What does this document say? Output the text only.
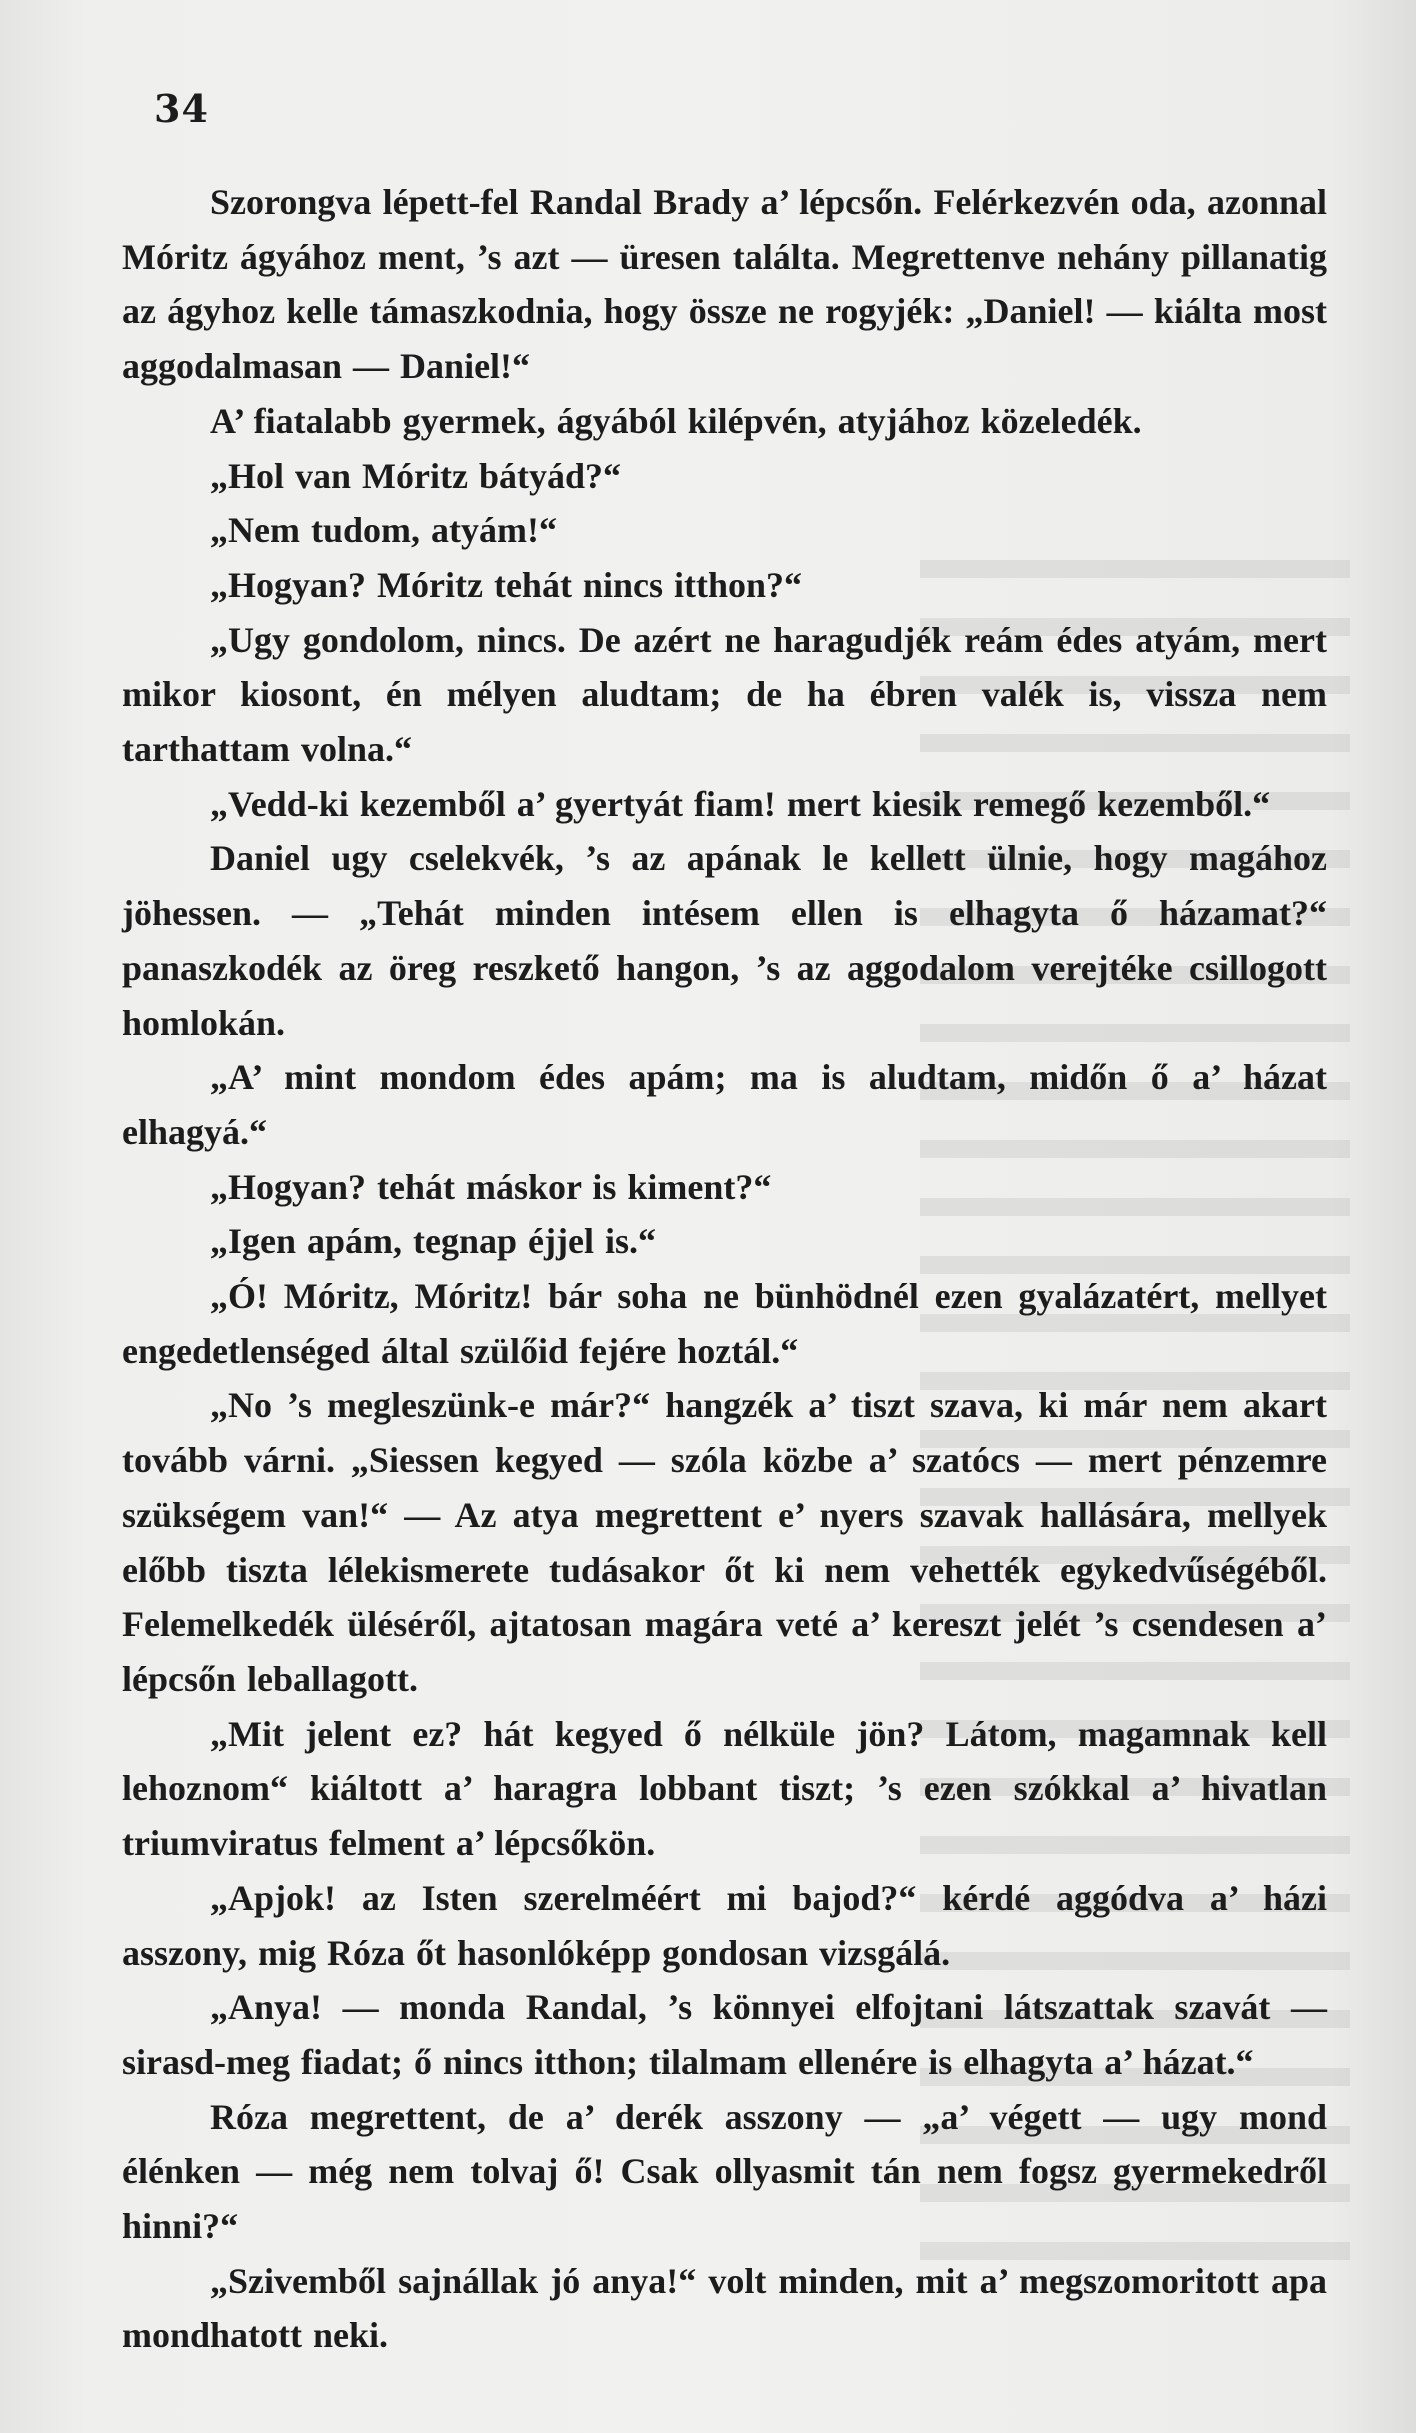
34

Szorongva lépett-fel Randal Brady a’ lépcsőn. Felérkezvén oda, azonnal Móritz ágyához ment, ’s azt — üresen találta. Megrettenve nehány pillanatig az ágyhoz kelle támaszkodnia, hogy össze ne rogyjék: „Daniel! — kiálta most aggodalmasan — Daniel!“

A’ fiatalabb gyermek, ágyából kilépvén, atyjához közeledék.

„Hol van Móritz bátyád?“

„Nem tudom, atyám!“

„Hogyan? Móritz tehát nincs itthon?“

„Ugy gondolom, nincs. De azért ne haragudjék reám édes atyám, mert mikor kiosont, én mélyen aludtam; de ha ébren valék is, vissza nem tarthattam volna.“

„Vedd-ki kezemből a’ gyertyát fiam! mert kiesik remegő kezemből.“

Daniel ugy cselekvék, ’s az apának le kellett ülnie, hogy magához jöhessen. — „Tehát minden intésem ellen is elhagyta ő házamat?“ panaszkodék az öreg reszkető hangon, ’s az aggodalom verejtéke csillogott homlokán.

„A’ mint mondom édes apám; ma is aludtam, midőn ő a’ házat elhagyá.“

„Hogyan? tehát máskor is kiment?“

„Igen apám, tegnap éjjel is.“

„Ó! Móritz, Móritz! bár soha ne bünhödnél ezen gyalázatért, mellyet engedetlenséged által szülőid fejére hoztál.“

„No ’s megleszünk-e már?“ hangzék a’ tiszt szava, ki már nem akart tovább várni. „Siessen kegyed — szóla közbe a’ szatócs — mert pénzemre szükségem van!“ — Az atya megrettent e’ nyers szavak hallására, mellyek előbb tiszta lélekismerete tudásakor őt ki nem vehették egykedvűségéből. Felemelkedék üléséről, ajtatosan magára veté a’ kereszt jelét ’s csendesen a’ lépcsőn leballagott.

„Mit jelent ez? hát kegyed ő nélküle jön? Látom, magamnak kell lehoznom“ kiáltott a’ haragra lobbant tiszt; ’s ezen szókkal a’ hivatlan triumviratus felment a’ lépcsőkön.

„Apjok! az Isten szerelméért mi bajod?“ kérdé aggódva a’ házi asszony, mig Róza őt hasonlóképp gondosan vizsgálá.

„Anya! — monda Randal, ’s könnyei elfojtani látszattak szavát — sirasd-meg fiadat; ő nincs itthon; tilalmam ellenére is elhagyta a’ házat.“

Róza megrettent, de a’ derék asszony — „a’ végett — ugy mond élénken — még nem tolvaj ő! Csak ollyasmit tán nem fogsz gyermekedről hinni?“

„Szivemből sajnállak jó anya!“ volt minden, mit a’ megszomoritott apa mondhatott neki.
